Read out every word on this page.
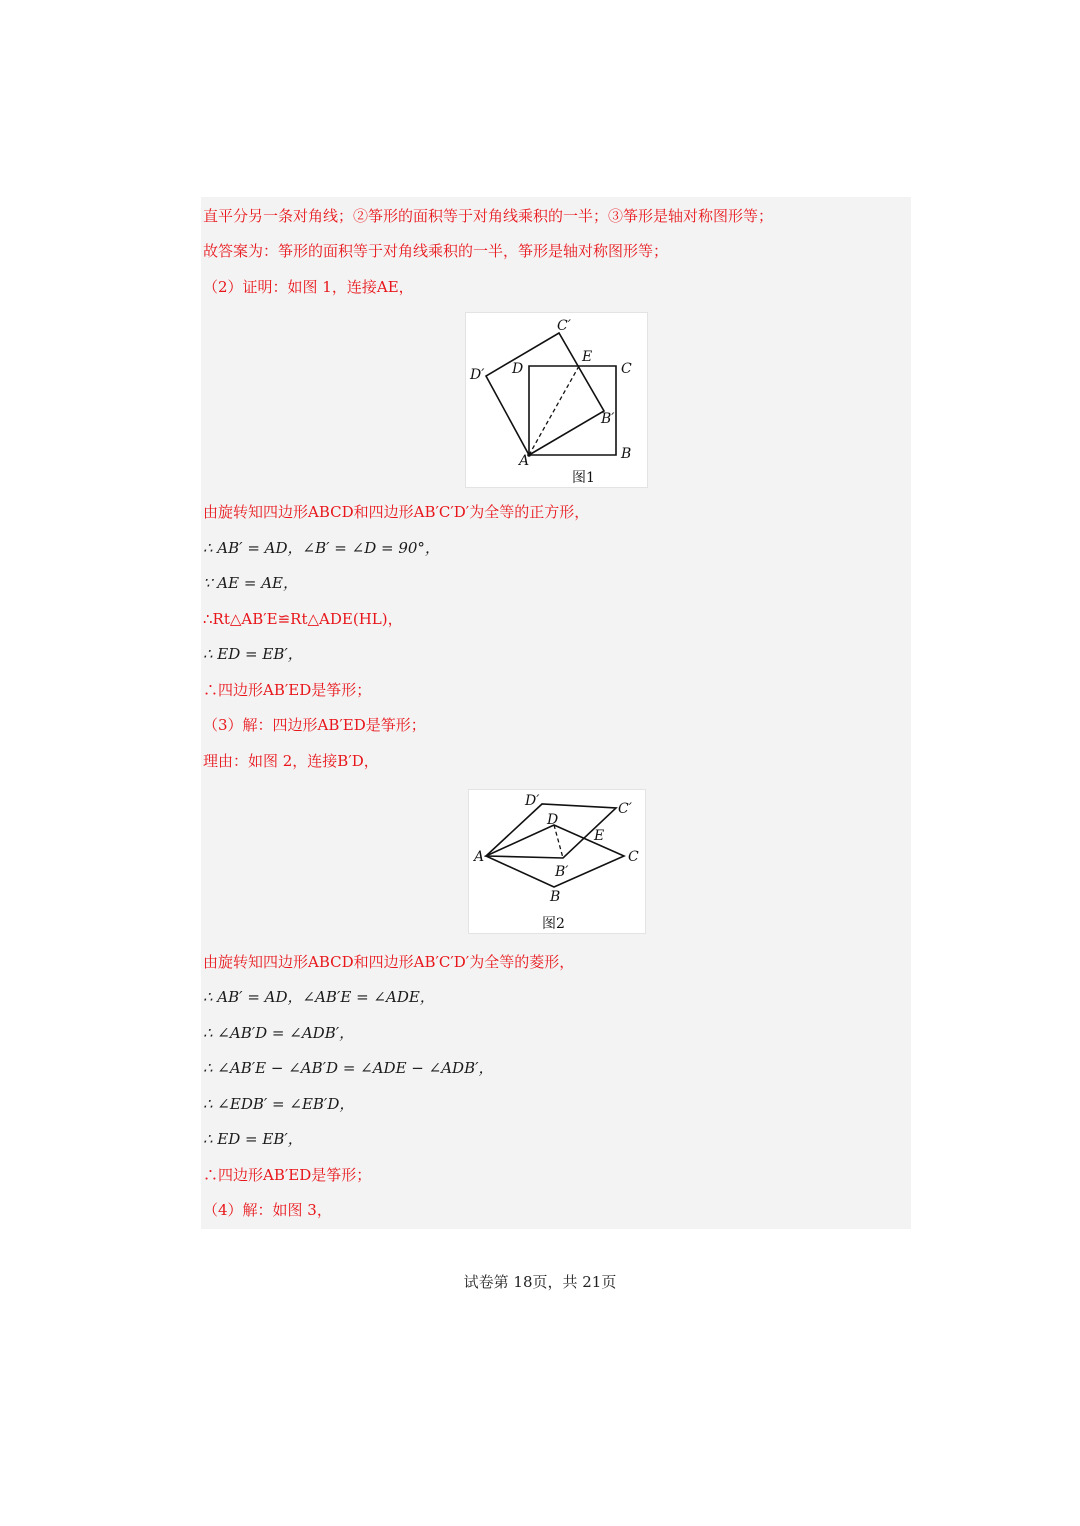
直平分另一条对角线；②筝形的面积等于对角线乘积的一半；③筝形是轴对称图形等；
故答案为：筝形的面积等于对角线乘积的一半，筝形是轴对称图形等；
（2）证明：如图 1，连接AE，
C′
E
C
D′ D
B′
A	B
图1
由旋转知四边形ABCD和四边形AB′C′D′为全等的正方形，
∴ AB′ = AD，∠B′ = ∠D = 90°，
∵ AE = AE，
∴Rt△AB′E≌Rt△ADE(HL)，
∴ ED = EB′，
∴四边形AB′ED是筝形；
（3）解：四边形AB′ED是筝形；
理由：如图 2，连接B′D，
D′	C′
D
E
A	C
B′
B
图2
由旋转知四边形ABCD和四边形AB′C′D′为全等的菱形，
∴ AB′ = AD，∠AB′E = ∠ADE，
∴ ∠AB′D = ∠ADB′，
∴ ∠AB′E − ∠AB′D = ∠ADE − ∠ADB′，
∴ ∠EDB′ = ∠EB′D，
∴ ED = EB′，
∴四边形AB′ED是筝形；
（4）解：如图 3，
试卷第 18页，共 21页
